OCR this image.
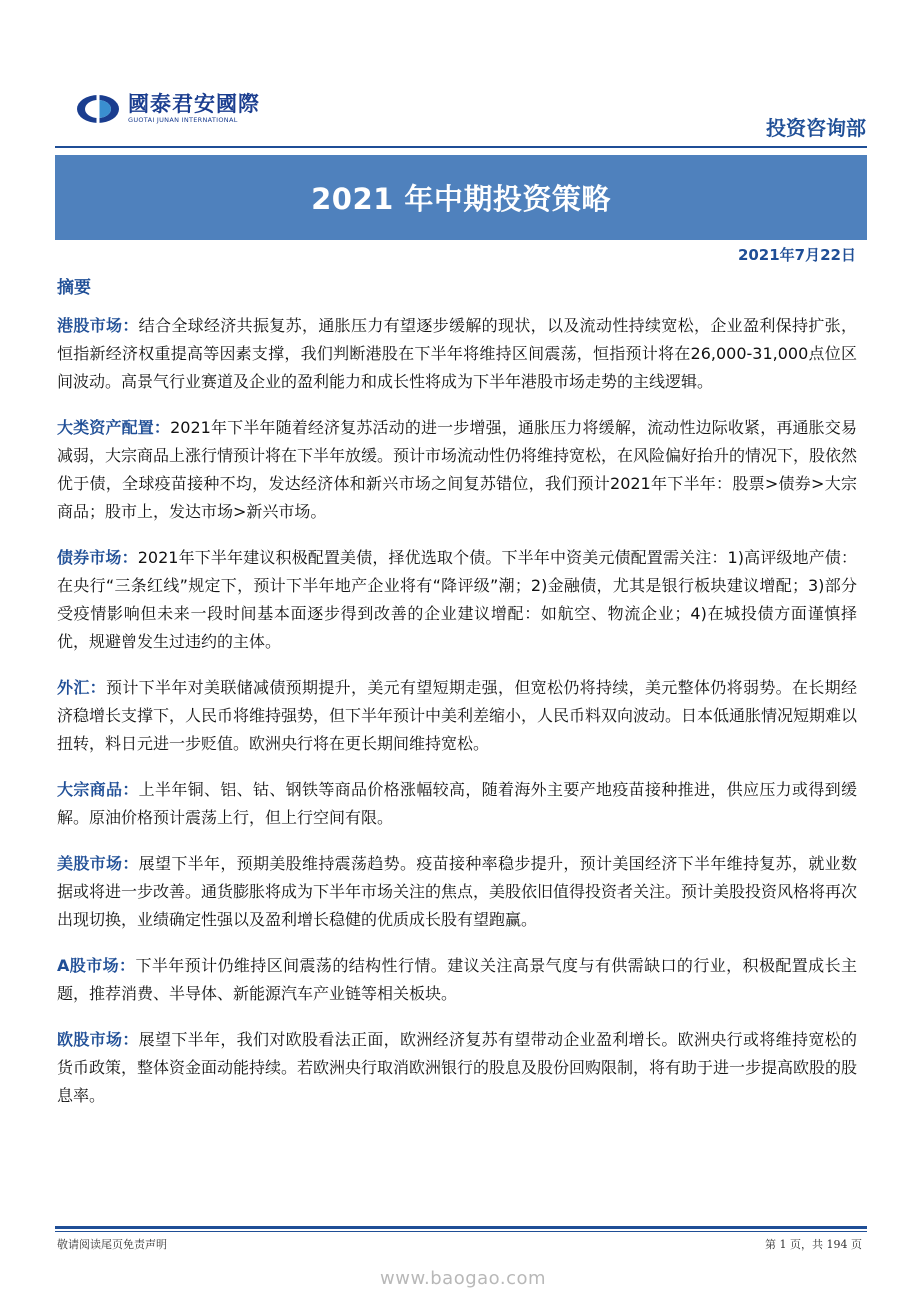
國泰君安國際
GUOTAI JUNAN INTERNATIONAL	投资咨询部
2021 年中期投资策略
2021年7月22日
摘要

港股市场：结合全球经济共振复苏，通胀压力有望逐步缓解的现状，以及流动性持续宽松，企业盈利保持扩张，恒指新经济权重提高等因素支撑，我们判断港股在下半年将维持区间震荡，恒指预计将在26,000-31,000点位区间波动。高景气行业赛道及企业的盈利能力和成长性将成为下半年港股市场走势的主线逻辑。

大类资产配置：2021年下半年随着经济复苏活动的进一步增强，通胀压力将缓解，流动性边际收紧，再通胀交易减弱，大宗商品上涨行情预计将在下半年放缓。预计市场流动性仍将维持宽松，在风险偏好抬升的情况下，股依然优于债，全球疫苗接种不均，发达经济体和新兴市场之间复苏错位，我们预计2021年下半年：股票>债券>大宗商品；股市上，发达市场>新兴市场。

债券市场：2021年下半年建议积极配置美债，择优选取个债。下半年中资美元债配置需关注：1)高评级地产债：在央行“三条红线”规定下，预计下半年地产企业将有“降评级”潮；2)金融债，尤其是银行板块建议增配；3)部分受疫情影响但未来一段时间基本面逐步得到改善的企业建议增配：如航空、物流企业；4)在城投债方面谨慎择优，规避曾发生过违约的主体。

外汇：预计下半年对美联储减债预期提升，美元有望短期走强，但宽松仍将持续，美元整体仍将弱势。在长期经济稳增长支撑下，人民币将维持强势，但下半年预计中美利差缩小，人民币料双向波动。日本低通胀情况短期难以扭转，料日元进一步贬值。欧洲央行将在更长期间维持宽松。

大宗商品：上半年铜、铝、钴、钢铁等商品价格涨幅较高，随着海外主要产地疫苗接种推进，供应压力或得到缓解。原油价格预计震荡上行，但上行空间有限。

美股市场：展望下半年，预期美股维持震荡趋势。疫苗接种率稳步提升，预计美国经济下半年维持复苏，就业数据或将进一步改善。通货膨胀将成为下半年市场关注的焦点，美股依旧值得投资者关注。预计美股投资风格将再次出现切换，业绩确定性强以及盈利增长稳健的优质成长股有望跑赢。

A股市场：下半年预计仍维持区间震荡的结构性行情。建议关注高景气度与有供需缺口的行业，积极配置成长主题，推荐消费、半导体、新能源汽车产业链等相关板块。

欧股市场：展望下半年，我们对欧股看法正面，欧洲经济复苏有望带动企业盈利增长。欧洲央行或将维持宽松的货币政策，整体资金面动能持续。若欧洲央行取消欧洲银行的股息及股份回购限制，将有助于进一步提高欧股的股息率。

敬请阅读尾页免责声明	第 1 页，共 194 页
www.baogao.com
